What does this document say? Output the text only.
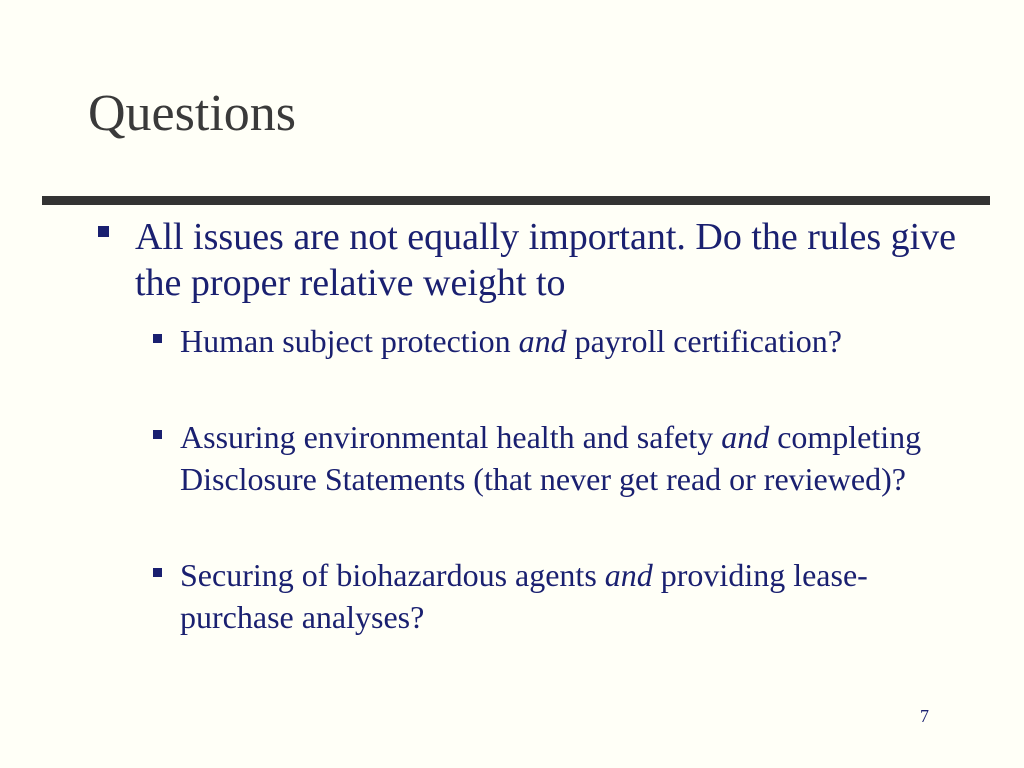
Questions
All issues are not equally important. Do the rules give the proper relative weight to
Human subject protection and payroll certification?
Assuring environmental health and safety and completing Disclosure Statements (that never get read or reviewed)?
Securing of biohazardous agents and providing lease-purchase analyses?
7
